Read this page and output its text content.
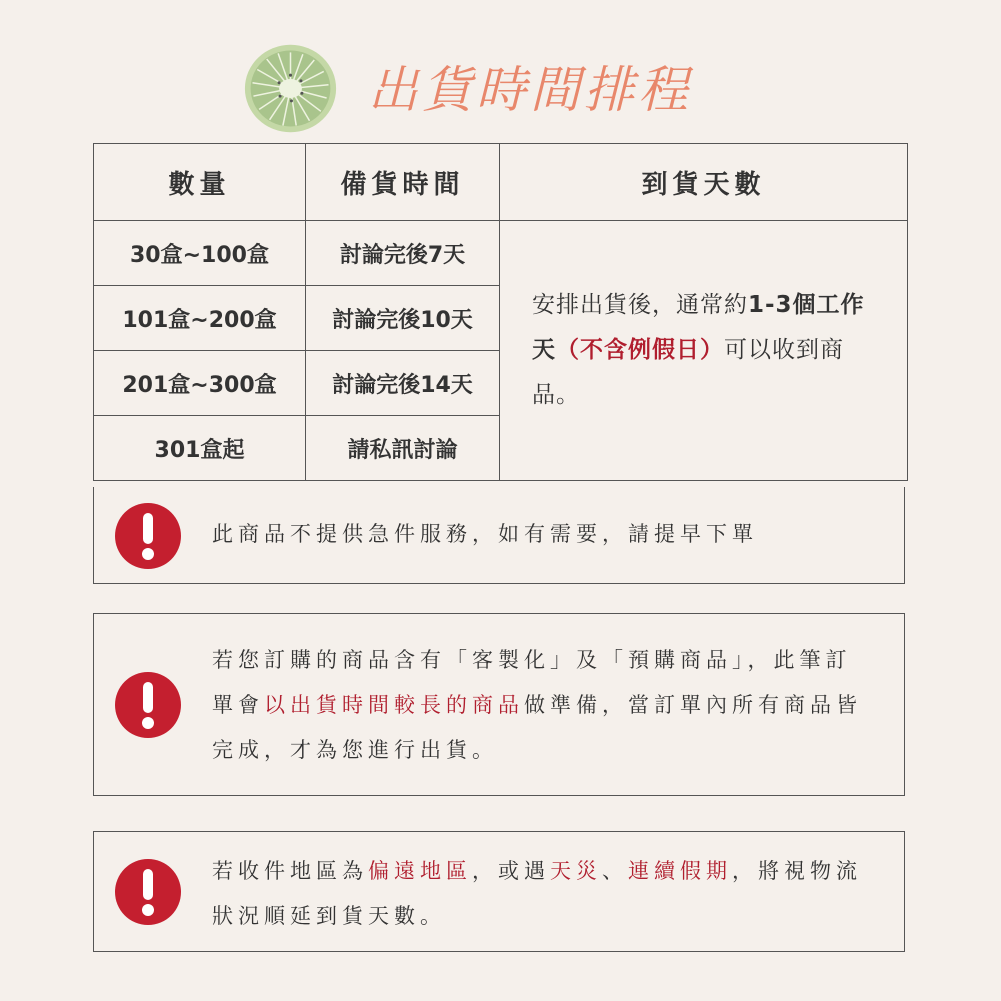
出貨時間排程
數量	備貨時間	到貨天數
30盒~100盒	討論完後7天	安排出貨後，通常約1-3個工作天（不含例假日）可以收到商品。
101盒~200盒	討論完後10天	
201盒~300盒	討論完後14天	
301盒起	請私訊討論	
此商品不提供急件服務，如有需要，請提早下單
若您訂購的商品含有「客製化」及「預購商品」，此筆訂單會以出貨時間較長的商品做準備，當訂單內所有商品皆完成，才為您進行出貨。
若收件地區為偏遠地區，或遇天災、連續假期，將視物流狀況順延到貨天數。
